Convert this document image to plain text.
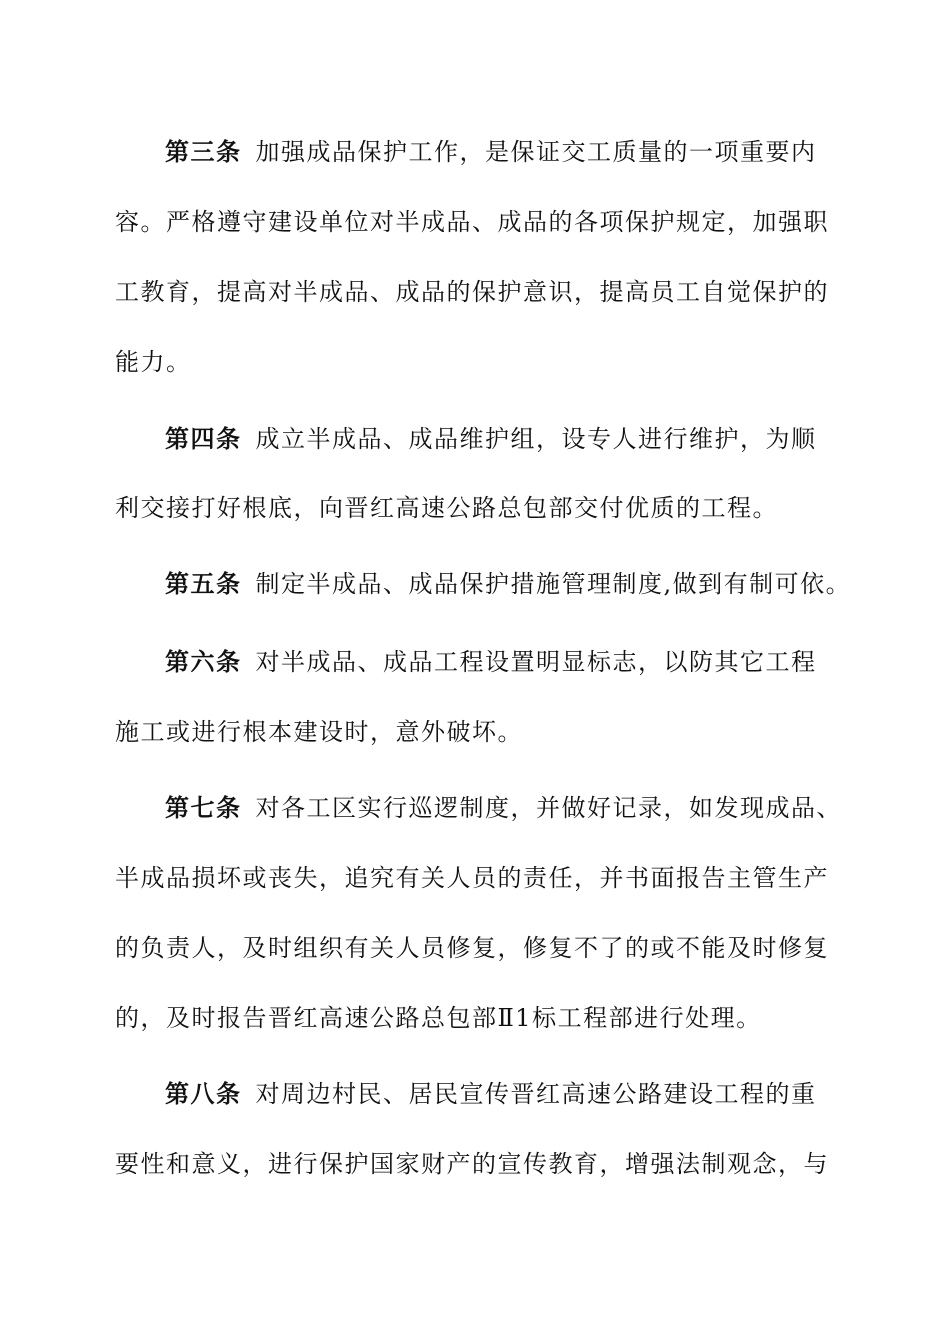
第三条 加强成品保护工作，是保证交工质量的一项重要内
容。严格遵守建设单位对半成品、成品的各项保护规定，加强职
工教育，提高对半成品、成品的保护意识，提高员工自觉保护的
能力。
第四条 成立半成品、成品维护组，设专人进行维护，为顺
利交接打好根底，向晋红高速公路总包部交付优质的工程。
第五条 制定半成品、成品保护措施管理制度,做到有制可依。
第六条 对半成品、成品工程设置明显标志，以防其它工程
施工或进行根本建设时，意外破坏。
第七条 对各工区实行巡逻制度，并做好记录，如发现成品、
半成品损坏或丧失，追究有关人员的责任，并书面报告主管生产
的负责人，及时组织有关人员修复，修复不了的或不能及时修复
的，及时报告晋红高速公路总包部Ⅱ1标工程部进行处理。
第八条 对周边村民、居民宣传晋红高速公路建设工程的重
要性和意义，进行保护国家财产的宣传教育，增强法制观念，与
